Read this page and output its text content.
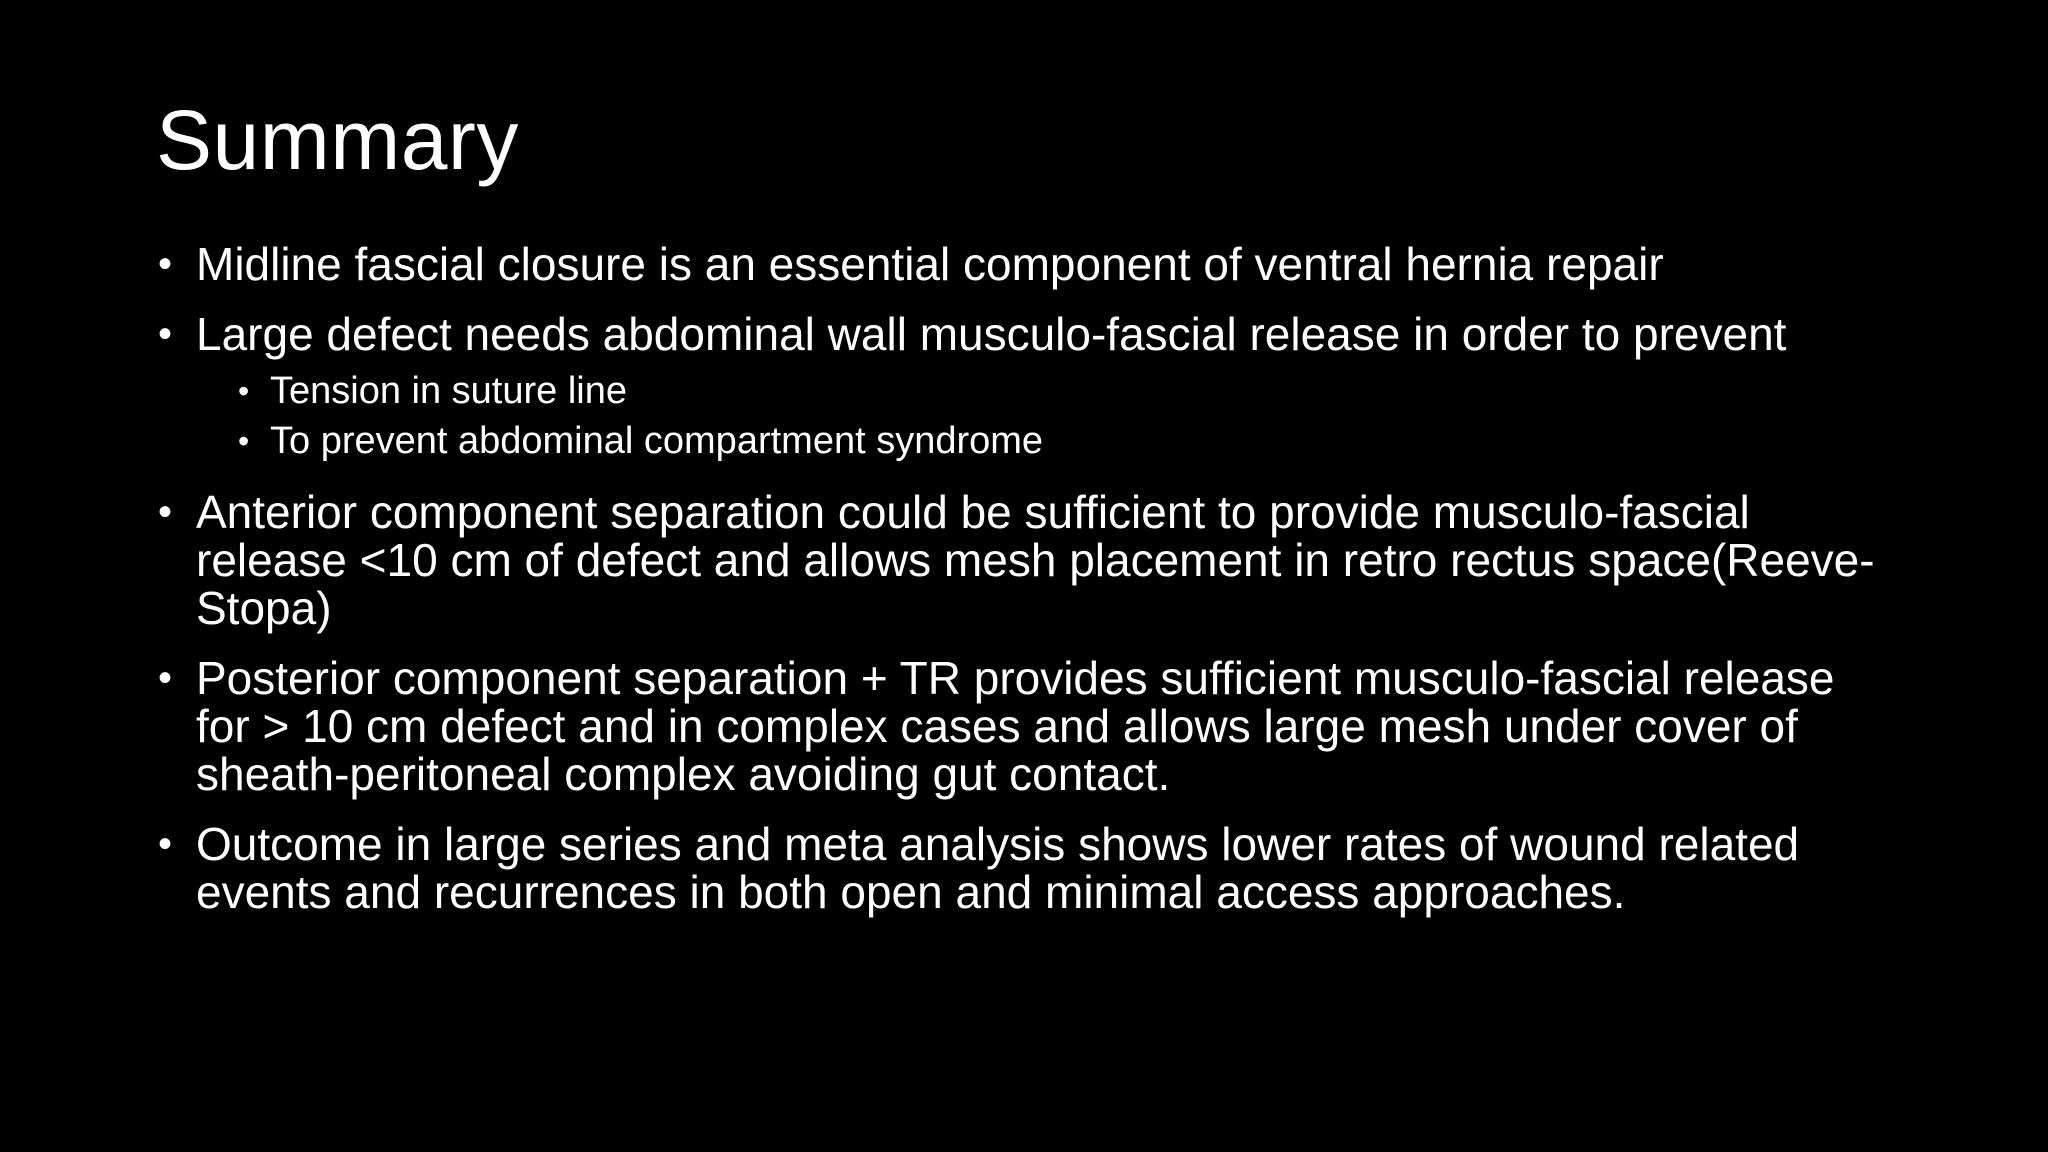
Summary
• Midline fascial closure is an essential component of ventral hernia repair
• Large defect needs abdominal wall musculo-fascial release in order to prevent
• Tension in suture line
• To prevent abdominal compartment syndrome
• Anterior component separation could be sufficient to provide musculo-fascial release <10 cm of defect and allows mesh placement in retro rectus space(Reeve-Stopa)
• Posterior component separation + TR provides sufficient musculo-fascial release for > 10 cm defect and in complex cases and allows large mesh under cover of sheath-peritoneal complex avoiding gut contact.
• Outcome in large series and meta analysis shows lower rates of wound related events and recurrences in both open and minimal access approaches.
